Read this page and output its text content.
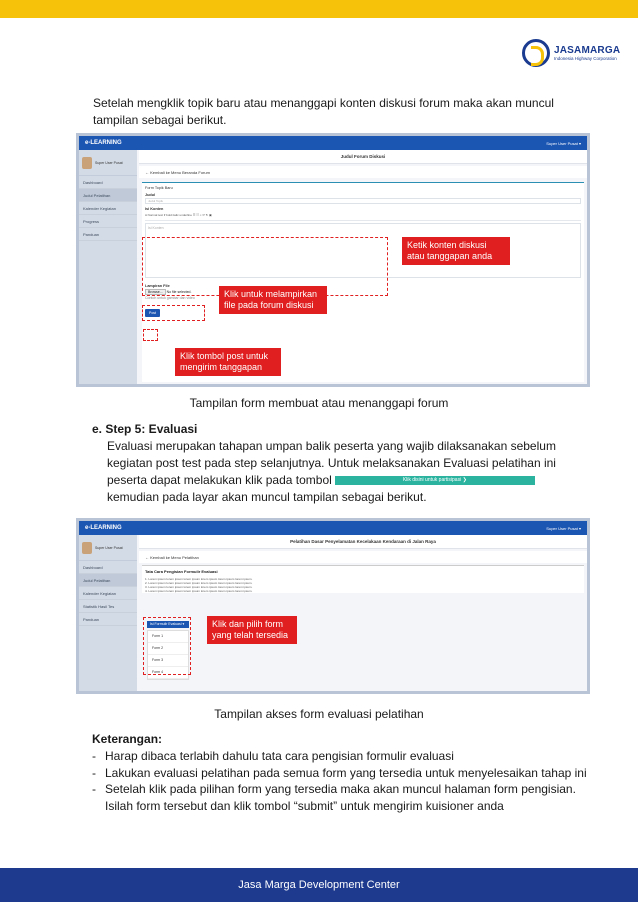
JASAMARGA
Indonesia Highway Corporation

Setelah mengklik topik baru atau menanggapi konten diskusi forum maka akan muncul tampilan sebagai berikut.

e-LEARNING	Super User Pusat ▾
Super User Pusat
Dashboard
Judul Pelatihan
Kalender Kegiatan
Progress
Panduan
Judul Forum Diskusi
← Kembali ke Menu Beranda Forum
Form Topik Baru
Judul
Judul Topik
Isi Konten
A Normal text ▾ bold italic underline ☰ ☷ ⌗ ↺ ↻ ▣
Isi Konten
Lampiran File
Browse... No file selected.
Contoh untuk gambar dan video
Post
Ketik konten diskusi atau tanggapan anda
Klik untuk melampirkan file pada forum diskusi
Klik tombol post untuk mengirim tanggapan

Tampilan form membuat atau menanggapi forum

e. Step 5: Evaluasi

Evaluasi merupakan tahapan umpan balik peserta yang wajib dilaksanakan sebelum kegiatan post test pada step selanjutnya. Untuk melaksanakan Evaluasi pelatihan ini peserta dapat melakukan klik pada tombol	Klik disini untuk partisipasi ❯
kemudian pada layar akan muncul tampilan sebagai berikut.

e-LEARNING	Super User Pusat ▾
Super User Pusat
Dashboard
Judul Pelatihan
Kalender Kegiatan
Statistik Hasil Tes
Panduan
Pelatihan Dasar Penyelamatan Kecelakaan Kendaraan di Jalan Raya
← Kembali ke Menu Pelatihan
Tata Cara Pengisian Formulir Evaluasi
1. Lorem ipsum lorem ipsum lorem ipsum lorem ipsum lorem ipsum lorem ipsum.
2. Lorem ipsum lorem ipsum lorem ipsum lorem ipsum lorem ipsum lorem ipsum.
3. Lorem ipsum lorem ipsum lorem ipsum lorem ipsum lorem ipsum lorem ipsum.
4. Lorem ipsum lorem ipsum lorem ipsum lorem ipsum lorem ipsum lorem ipsum.
Isi Formulir Evaluasi ▾
Form 1
Form 2
Form 3
Form 4
Klik dan pilih form yang telah tersedia

Tampilan akses form evaluasi pelatihan

Keterangan:

- Harap dibaca terlabih dahulu tata cara pengisian formulir evaluasi
- Lakukan evaluasi pelatihan pada semua form yang tersedia untuk menyelesaikan tahap ini
- Setelah klik pada pilihan form yang tersedia maka akan muncul halaman form pengisian. Isilah form tersebut dan klik tombol “submit” untuk mengirim kuisioner anda
Jasa Marga Development Center
